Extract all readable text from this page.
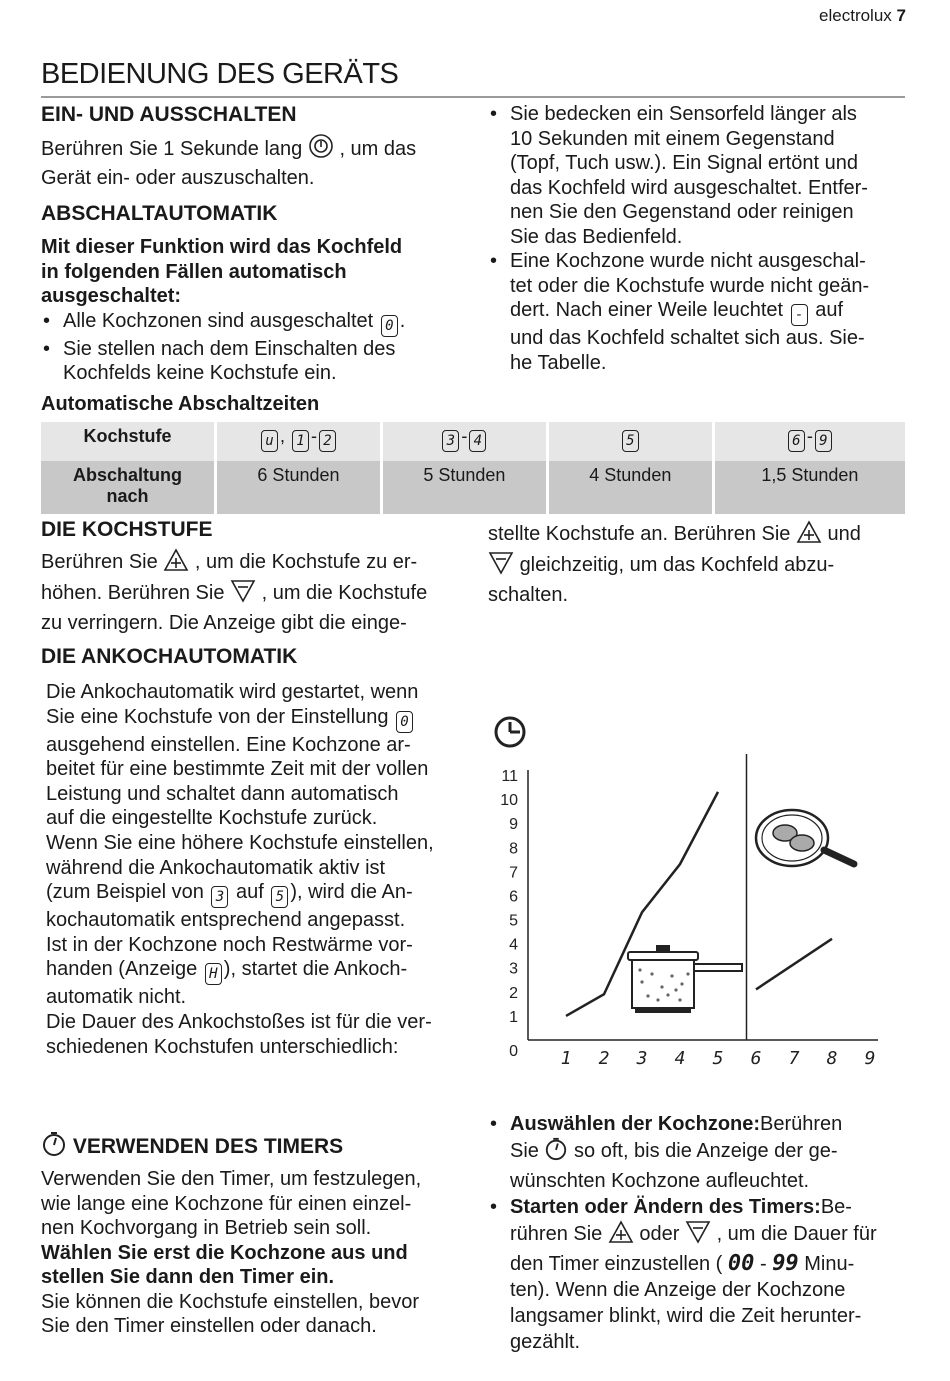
electrolux 7
BEDIENUNG DES GERÄTS
EIN- UND AUSSCHALTEN
Berühren Sie 1 Sekunde lang , um das
Gerät ein- oder auszuschalten.
ABSCHALTAUTOMATIK
Mit dieser Funktion wird das Kochfeld
in folgenden Fällen automatisch
ausgeschaltet:
• Alle Kochzonen sind ausgeschaltet 0 .
• Sie stellen nach dem Einschalten des
Kochfelds keine Kochstufe ein.
Automatische Abschaltzeiten
• Sie bedecken ein Sensorfeld länger als
10 Sekunden mit einem Gegenstand
(Topf, Tuch usw.). Ein Signal ertönt und
das Kochfeld wird ausgeschaltet. Entfer-
nen Sie den Gegenstand oder reinigen
Sie das Bedienfeld.
• Eine Kochzone wurde nicht ausgeschal-
tet oder die Kochstufe wurde nicht geän-
dert. Nach einer Weile leuchtet - auf
und das Kochfeld schaltet sich aus. Sie-
he Tabelle.
Kochstufe	u , 1 - 2	3 - 4	5	6 - 9
Abschaltung
nach	6 Stunden	5 Stunden	4 Stunden	1,5 Stunden
DIE KOCHSTUFE
Berühren Sie , um die Kochstufe zu er-
höhen. Berühren Sie , um die Kochstufe
zu verringern. Die Anzeige gibt die einge-
stellte Kochstufe an. Berühren Sie und
gleichzeitig, um das Kochfeld abzu-
schalten.
DIE ANKOCHAUTOMATIK
Die Ankochautomatik wird gestartet, wenn
Sie eine Kochstufe von der Einstellung 0
ausgehend einstellen. Eine Kochzone ar-
beitet für eine bestimmte Zeit mit der vollen
Leistung und schaltet dann automatisch
auf die eingestellte Kochstufe zurück.
Wenn Sie eine höhere Kochstufe einstellen,
während die Ankochautomatik aktiv ist
(zum Beispiel von 3 auf 5 ), wird die An-
kochautomatik entsprechend angepasst.
Ist in der Kochzone noch Restwärme vor-
handen (Anzeige H ), startet die Ankoch-
automatik nicht.
Die Dauer des Ankochstoßes ist für die ver-
schiedenen Kochstufen unterschiedlich:	0
1
2
3
4
5
6
7
8
9
10
11
1 2 3 4 5 6 7 8 9
VERWENDEN DES TIMERS
Verwenden Sie den Timer, um festzulegen,
wie lange eine Kochzone für einen einzel-
nen Kochvorgang in Betrieb sein soll.
Wählen Sie erst die Kochzone aus und
stellen Sie dann den Timer ein.
Sie können die Kochstufe einstellen, bevor
Sie den Timer einstellen oder danach.
• Auswählen der Kochzone:Berühren
Sie so oft, bis die Anzeige der ge-
wünschten Kochzone aufleuchtet.
• Starten oder Ändern des Timers:Be-
rühren Sie oder , um die Dauer für
den Timer einzustellen ( 00 - 99 Minu-
ten). Wenn die Anzeige der Kochzone
langsamer blinkt, wird die Zeit herunter-
gezählt.
